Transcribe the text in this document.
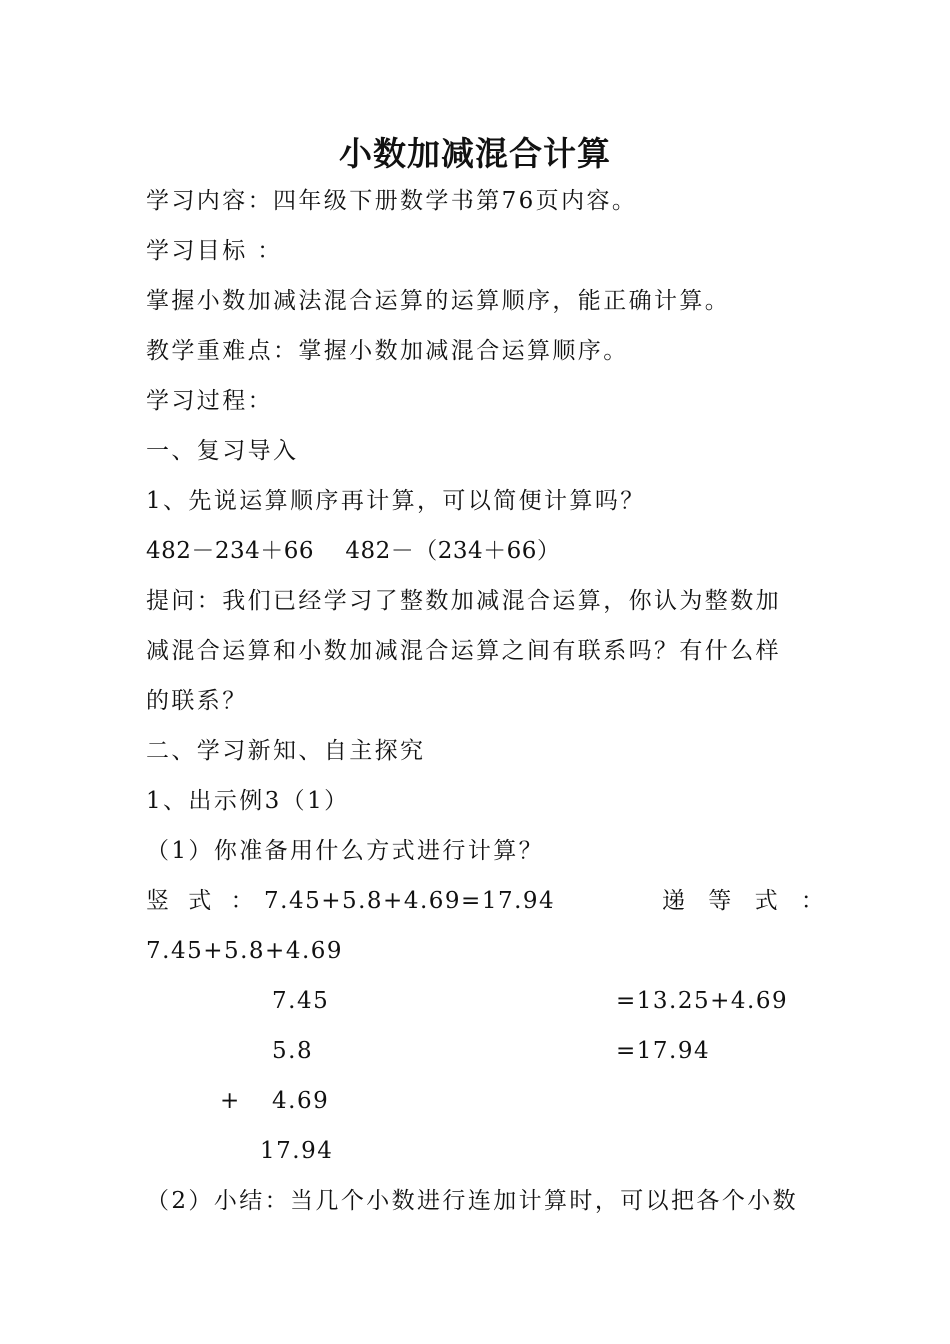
小数加减混合计算
学习内容：四年级下册数学书第76页内容。
学习目标 ：
掌握小数加减法混合运算的运算顺序，能正确计算。
教学重难点：掌握小数加减混合运算顺序。
学习过程：
一、复习导入
1、先说运算顺序再计算，可以简便计算吗？
482－234＋66　 482－（234＋66）
提问：我们已经学习了整数加减混合运算，你认为整数加
减混合运算和小数加减混合运算之间有联系吗？有什么样
的联系？
二、学习新知、自主探究
1、出示例3（1）
（1）你准备用什么方式进行计算？
竖 式 ： 7.45+5.8+4.69=17.94	递 等 式 ：
7.45+5.8+4.69
7.45	=13.25+4.69
5.8	=17.94
+ 4.69
17.94
（2）小结：当几个小数进行连加计算时，可以把各个小数
